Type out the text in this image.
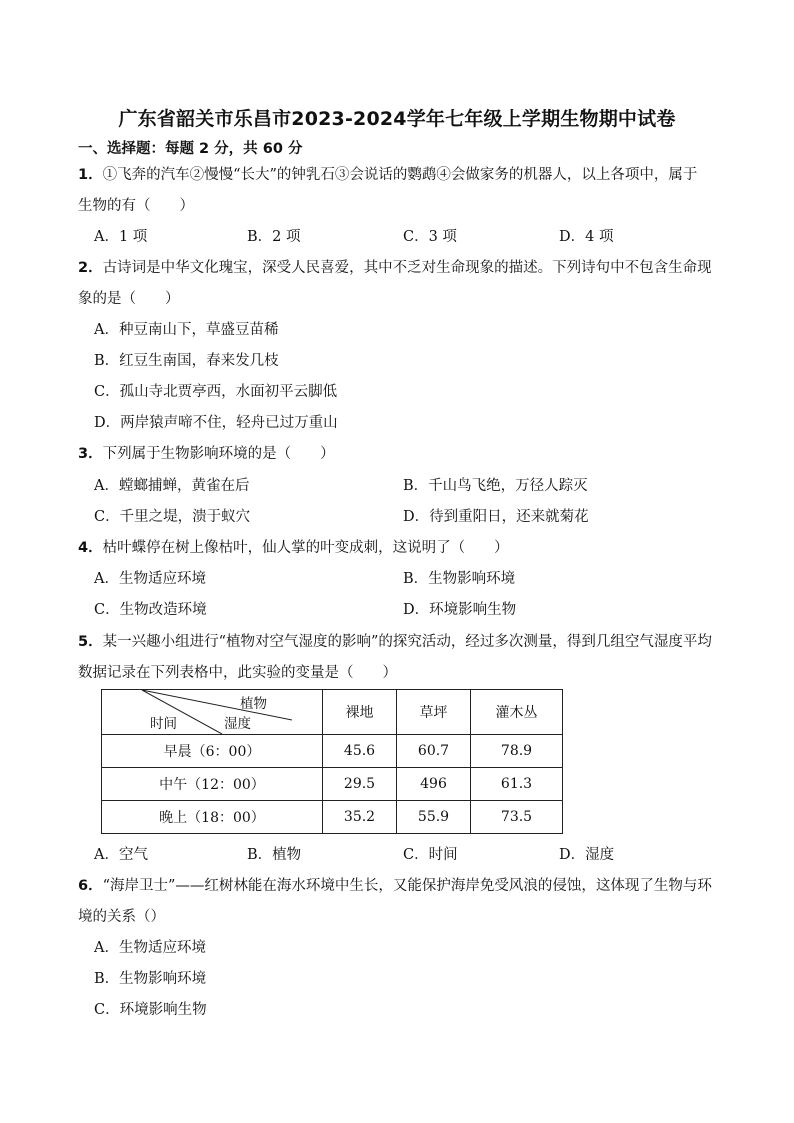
广东省韶关市乐昌市2023-2024学年七年级上学期生物期中试卷
一、选择题：每题 2 分，共 60 分
1．①飞奔的汽车②慢慢“长大”的钟乳石③会说话的鹦鹉④会做家务的机器人，以上各项中，属于
生物的有（　　）
A．1 项	B．2 项	C．3 项	D．4 项
2．古诗词是中华文化瑰宝，深受人民喜爱，其中不乏对生命现象的描述。下列诗句中不包含生命现
象的是（　　）
A．种豆南山下，草盛豆苗稀
B．红豆生南国，春来发几枝
C．孤山寺北贾亭西，水面初平云脚低
D．两岸猿声啼不住，轻舟已过万重山
3．下列属于生物影响环境的是（　　）
A．螳螂捕蝉，黄雀在后	B．千山鸟飞绝，万径人踪灭
C．千里之堤，溃于蚁穴	D．待到重阳日，还来就菊花
4．枯叶蝶停在树上像枯叶，仙人掌的叶变成刺，这说明了（　　）
A．生物适应环境	B．生物影响环境
C．生物改造环境	D．环境影响生物
5．某一兴趣小组进行“植物对空气湿度的影响”的探究活动，经过多次测量，得到几组空气湿度平均
数据记录在下列表格中，此实验的变量是（　　）
植物
时间 湿度	裸地	草坪	灌木丛
早晨（6：00）	45.6	60.7	78.9
中午（12：00）	29.5	496	61.3
晚上（18：00）	35.2	55.9	73.5
A．空气	B．植物	C．时间	D．湿度
6．“海岸卫士”——红树林能在海水环境中生长，又能保护海岸免受风浪的侵蚀，这体现了生物与环
境的关系（）
A．生物适应环境
B．生物影响环境
C．环境影响生物
